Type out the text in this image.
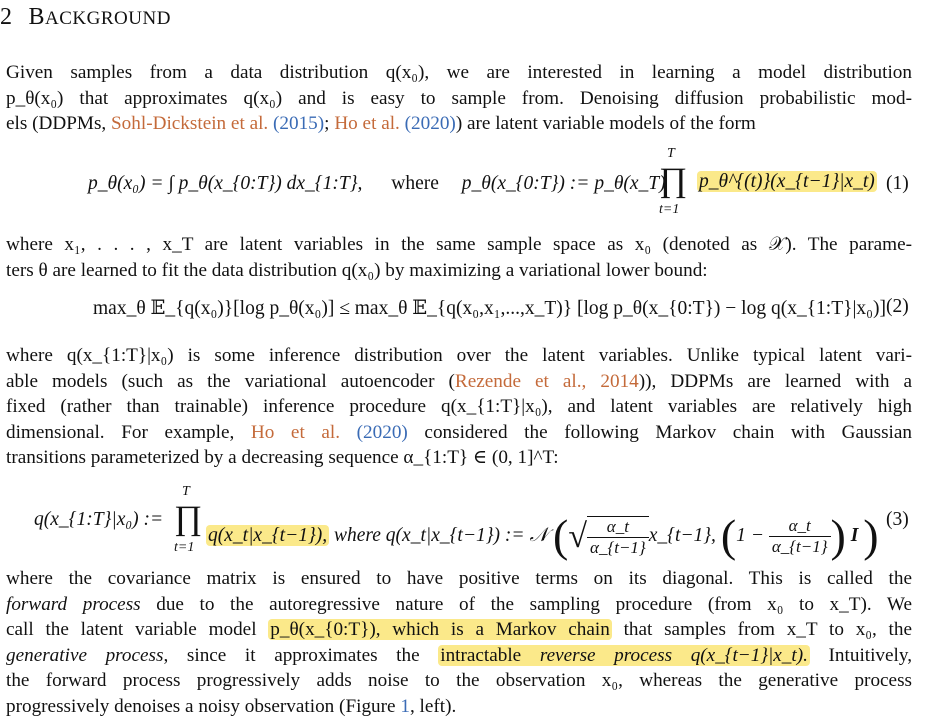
2 BACKGROUND
Given samples from a data distribution q(x₀), we are interested in learning a model distribution
p_θ(x₀) that approximates q(x₀) and is easy to sample from. Denoising diffusion probabilistic mod-
els (DDPMs, Sohl-Dickstein et al. (2015); Ho et al. (2020)) are latent variable models of the form
p_θ(x₀) = ∫ p_θ(x_{0:T}) dx_{1:T}, where p_θ(x_{0:T}) := p_θ(x_T)
T
∏
t=1
p_θ^{(t)}(x_{t−1}|x_t) (1)
where x₁, . . . , x_T are latent variables in the same sample space as x₀ (denoted as 𝒳). The parame-
ters θ are learned to fit the data distribution q(x₀) by maximizing a variational lower bound:
max_θ 𝔼_{q(x₀)}[log p_θ(x₀)] ≤ max_θ 𝔼_{q(x₀,x₁,...,x_T)} [log p_θ(x_{0:T}) − log q(x_{1:T}|x₀)] (2)
where q(x_{1:T}|x₀) is some inference distribution over the latent variables. Unlike typical latent vari-
able models (such as the variational autoencoder (Rezende et al., 2014)), DDPMs are learned with a
fixed (rather than trainable) inference procedure q(x_{1:T}|x₀), and latent variables are relatively high
dimensional. For example, Ho et al. (2020) considered the following Markov chain with Gaussian
transitions parameterized by a decreasing sequence α_{1:T} ∈ (0, 1]^T:
q(x_{1:T}|x₀) :=
T
∏
t=1
q(x_t|x_{t−1}), where q(x_t|x_{t−1}) := 𝒩 (√ $\frac{\alpha\_t}{\alpha\_\{t-1\}}$ x_{t−1}, ($1 - \frac{\alpha\_t}{\alpha\_\{t-1\}}$ ) I ) (3)
where the covariance matrix is ensured to have positive terms on its diagonal. This is called the
forward process due to the autoregressive nature of the sampling procedure (from x₀ to x_T). We
call the latent variable model p_θ(x_{0:T}), which is a Markov chain that samples from x_T to x₀, the
generative process, since it approximates the intractable reverse process q(x_{t−1}|x_t). Intuitively,
the forward process progressively adds noise to the observation x₀, whereas the generative process
progressively denoises a noisy observation (Figure 1, left).
